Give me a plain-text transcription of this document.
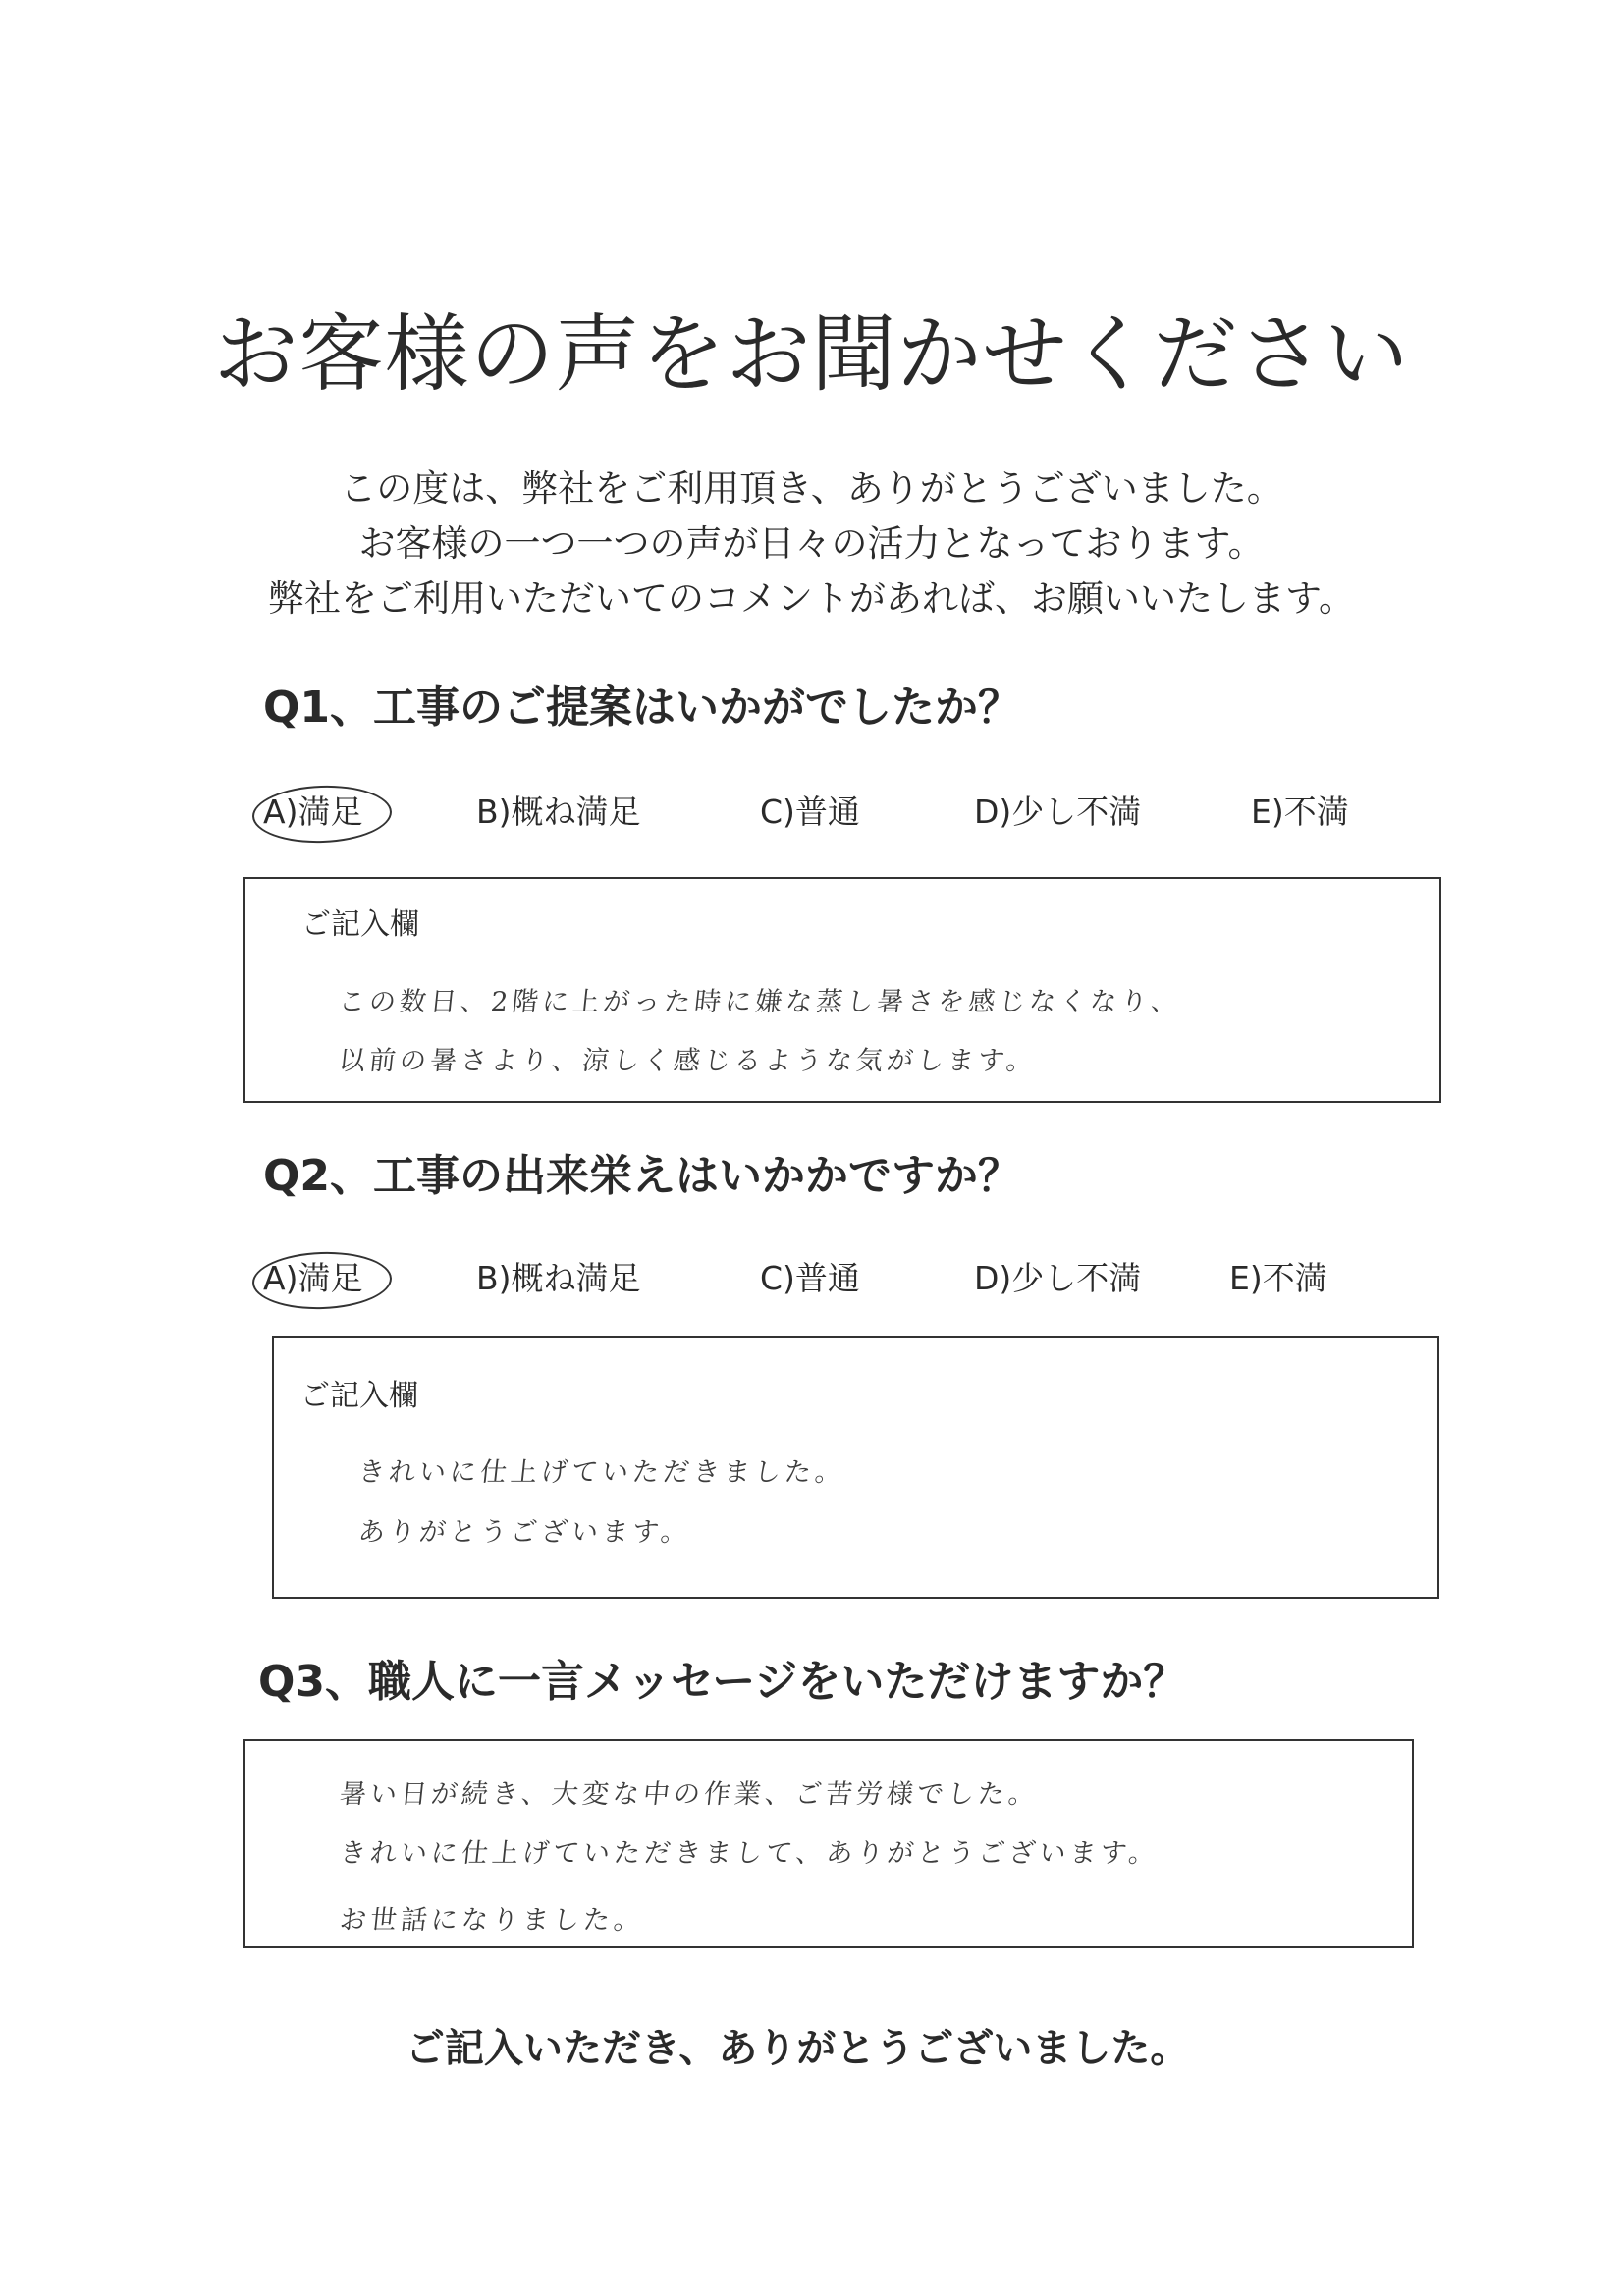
お客様の声をお聞かせください
この度は、弊社をご利用頂き、ありがとうございました。
お客様の一つ一つの声が日々の活力となっております。
弊社をご利用いただいてのコメントがあれば、お願いいたします。
Q1、工事のご提案はいかがでしたか？
A)満足	B)概ね満足	C)普通	D)少し不満	E)不満
ご記入欄
この数日、2階に上がった時に嫌な蒸し暑さを感じなくなり、
以前の暑さより、涼しく感じるような気がします。
Q2、工事の出来栄えはいかかですか？
A)満足	B)概ね満足	C)普通	D)少し不満	E)不満
ご記入欄
きれいに仕上げていただきました。
ありがとうございます。
Q3、職人に一言メッセージをいただけますか？
暑い日が続き、大変な中の作業、ご苦労様でした。
きれいに仕上げていただきまして、ありがとうございます。
お世話になりました。
ご記入いただき、ありがとうございました。
